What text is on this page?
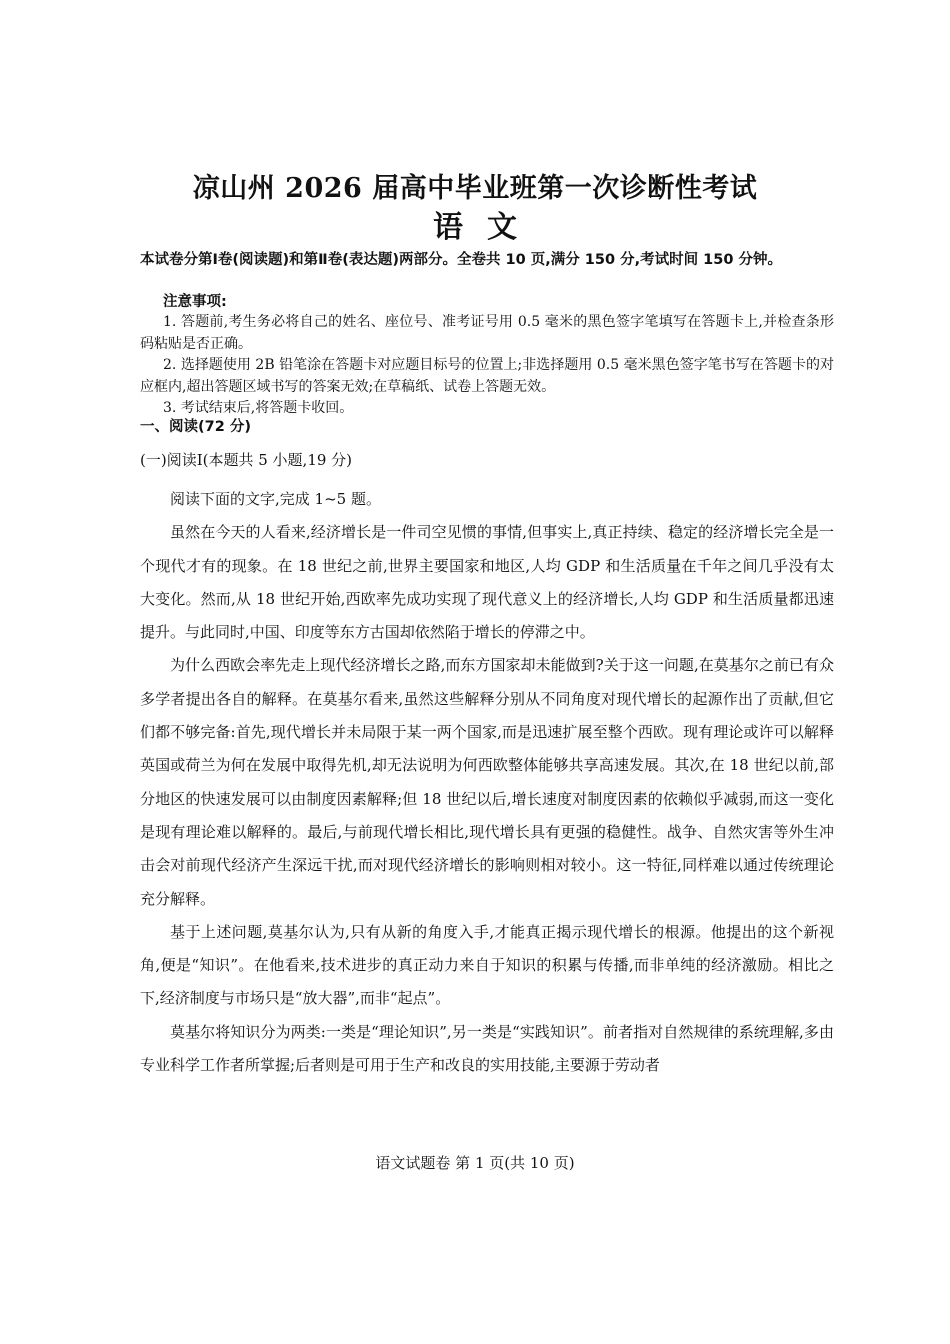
凉山州 2026 届高中毕业班第一次诊断性考试
语文
本试卷分第Ⅰ卷(阅读题)和第Ⅱ卷(表达题)两部分。全卷共 10 页,满分 150 分,考试时间 150 分钟。
注意事项:

1. 答题前,考生务必将自己的姓名、座位号、准考证号用 0.5 毫米的黑色签字笔填写在答题卡上,并检查条形码粘贴是否正确。

2. 选择题使用 2B 铅笔涂在答题卡对应题目标号的位置上;非选择题用 0.5 毫米黑色签字笔书写在答题卡的对应框内,超出答题区域书写的答案无效;在草稿纸、试卷上答题无效。

3. 考试结束后,将答题卡收回。

一、阅读(72 分)
(一)阅读Ⅰ(本题共 5 小题,19 分)

阅读下面的文字,完成 1~5 题。

虽然在今天的人看来,经济增长是一件司空见惯的事情,但事实上,真正持续、稳定的经济增长完全是一个现代才有的现象。在 18 世纪之前,世界主要国家和地区,人均 GDP 和生活质量在千年之间几乎没有太大变化。然而,从 18 世纪开始,西欧率先成功实现了现代意义上的经济增长,人均 GDP 和生活质量都迅速提升。与此同时,中国、印度等东方古国却依然陷于增长的停滞之中。

为什么西欧会率先走上现代经济增长之路,而东方国家却未能做到?关于这一问题,在莫基尔之前已有众多学者提出各自的解释。在莫基尔看来,虽然这些解释分别从不同角度对现代增长的起源作出了贡献,但它们都不够完备:首先,现代增长并未局限于某一两个国家,而是迅速扩展至整个西欧。现有理论或许可以解释英国或荷兰为何在发展中取得先机,却无法说明为何西欧整体能够共享高速发展。其次,在 18 世纪以前,部分地区的快速发展可以由制度因素解释;但 18 世纪以后,增长速度对制度因素的依赖似乎减弱,而这一变化是现有理论难以解释的。最后,与前现代增长相比,现代增长具有更强的稳健性。战争、自然灾害等外生冲击会对前现代经济产生深远干扰,而对现代经济增长的影响则相对较小。这一特征,同样难以通过传统理论充分解释。

基于上述问题,莫基尔认为,只有从新的角度入手,才能真正揭示现代增长的根源。他提出的这个新视角,便是“知识”。在他看来,技术进步的真正动力来自于知识的积累与传播,而非单纯的经济激励。相比之下,经济制度与市场只是“放大器”,而非“起点”。

莫基尔将知识分为两类:一类是“理论知识”,另一类是“实践知识”。前者指对自然规律的系统理解,多由专业科学工作者所掌握;后者则是可用于生产和改良的实用技能,主要源于劳动者

语文试题卷 第 1 页(共 10 页)
